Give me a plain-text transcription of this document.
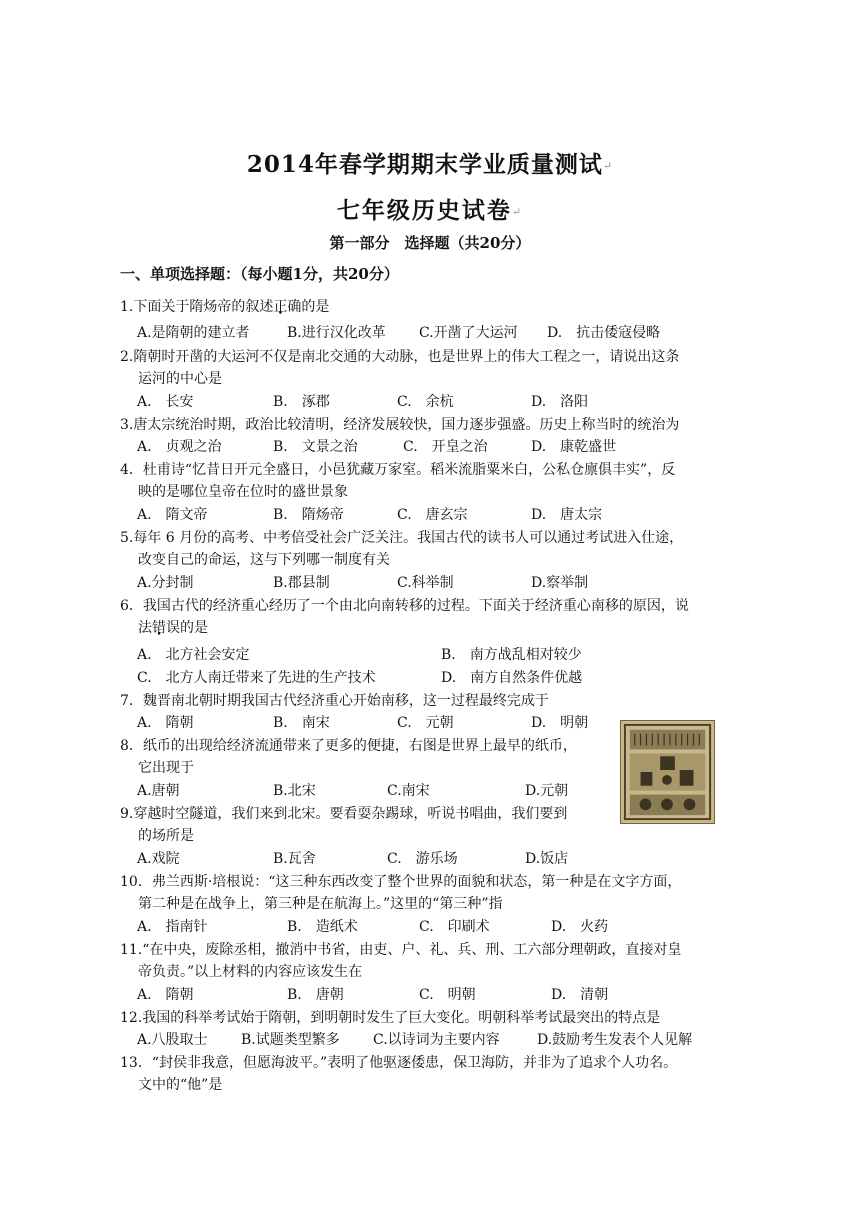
2014年春学期期末学业质量测试↵
七年级历史试卷↵
第一部分　选择题（共20分）
一、单项选择题：（每小题1分，共20分）
1.下面关于隋炀帝的叙述正确的是
A.是隋朝的建立者	B.进行汉化改革 C.开凿了大运河 D.　抗击倭寇侵略
2.隋朝时开凿的大运河不仅是南北交通的大动脉，也是世界上的伟大工程之一，请说出这条
运河的中心是
A.　长安	B.　涿郡	C.　余杭	D.　洛阳
3.唐太宗统治时期，政治比较清明，经济发展较快，国力逐步强盛。历史上称当时的统治为
A.　贞观之治	B.　文景之治	C.　开皇之治	D.　康乾盛世
4．杜甫诗“忆昔日开元全盛日，小邑犹藏万家室。稻米流脂粟米白，公私仓廪俱丰实”，反
映的是哪位皇帝在位时的盛世景象
A.　隋文帝	B.　隋炀帝	C.　唐玄宗	D.　唐太宗
5.每年 6 月份的高考、中考倍受社会广泛关注。我国古代的读书人可以通过考试进入仕途，
改变自己的命运，这与下列哪一制度有关
A.分封制	B.郡县制	C.科举制	D.察举制
6．我国古代的经济重心经历了一个由北向南转移的过程。下面关于经济重心南移的原因，说
法错误的是
A.　北方社会安定	B.　南方战乱相对较少
C.　北方人南迁带来了先进的生产技术	D.　南方自然条件优越
7．魏晋南北朝时期我国古代经济重心开始南移，这一过程最终完成于
A.　隋朝	B.　南宋	C.　元朝	D.　明朝
8．纸币的出现给经济流通带来了更多的便捷，右图是世界上最早的纸币，
它出现于
A.唐朝	B.北宋	C.南宋	D.元朝
9.穿越时空隧道，我们来到北宋。要看耍杂踢球，听说书唱曲，我们要到
的场所是
A.戏院	B.瓦舍	C.　游乐场	D.饭店
10．弗兰西斯·培根说：“这三种东西改变了整个世界的面貌和状态，第一种是在文字方面，
第二种是在战争上，第三种是在航海上。”这里的“第三种”指
A.　指南针	B.　造纸术	C.　印刷术	D.　火药
11.“在中央，废除丞相，撤消中书省，由吏、户、礼、兵、刑、工六部分理朝政，直接对皇
帝负责。”以上材料的内容应该发生在
A.　隋朝	B.　唐朝	C.　明朝	D.　清朝
12.我国的科举考试始于隋朝，到明朝时发生了巨大变化。明朝科举考试最突出的特点是
A.八股取士 B.试题类型繁多 C.以诗词为主要内容	D.鼓励考生发表个人见解
13．“封侯非我意，但愿海波平。”表明了他驱逐倭患，保卫海防，并非为了追求个人功名。
文中的“他”是
